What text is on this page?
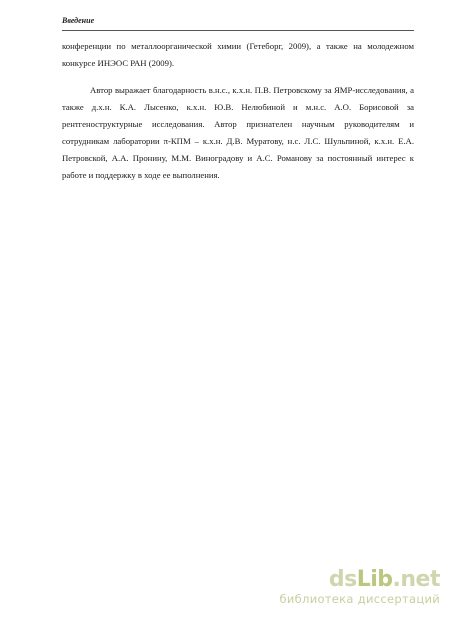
Введение
конференции по металлоорганической химии (Гетеборг, 2009), а также на молодежном конкурсе ИНЭОС РАН (2009).
Автор выражает благодарность в.н.с., к.х.н. П.В. Петровскому за ЯМР-исследования, а также д.х.н. К.А. Лысенко, к.х.н. Ю.В. Нелюбиной и м.н.с. А.О. Борисовой за рентгеноструктурные исследования. Автор признателен научным руководителям и сотрудникам лаборатории π-КПМ – к.х.н. Д.В. Муратову, н.с. Л.С. Шульпиной, к.х.н. Е.А. Петровской, А.А. Пронину, М.М. Виноградову и А.С. Романову за постоянный интерес к работе и поддержку в ходе ее выполнения.
dsLib.net
библиотека диссертаций
